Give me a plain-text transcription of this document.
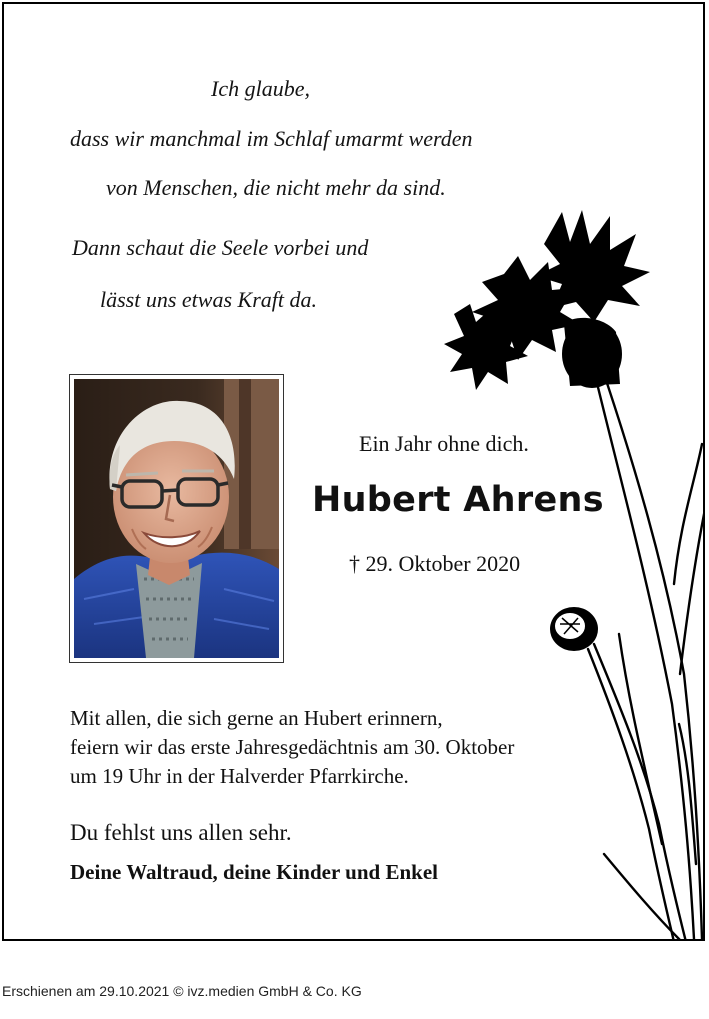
Ich glaube,
dass wir manchmal im Schlaf umarmt werden
von Menschen, die nicht mehr da sind.
Dann schaut die Seele vorbei und
lässt uns etwas Kraft da.
Ein Jahr ohne dich.
Hubert Ahrens
† 29. Oktober 2020
Mit allen, die sich gerne an Hubert erinnern,
feiern wir das erste Jahresgedächtnis am 30. Oktober
um 19 Uhr in der Halverder Pfarrkirche.
Du fehlst uns allen sehr.
Deine Waltraud, deine Kinder und Enkel
Erschienen am 29.10.2021 © ivz.medien GmbH & Co. KG
